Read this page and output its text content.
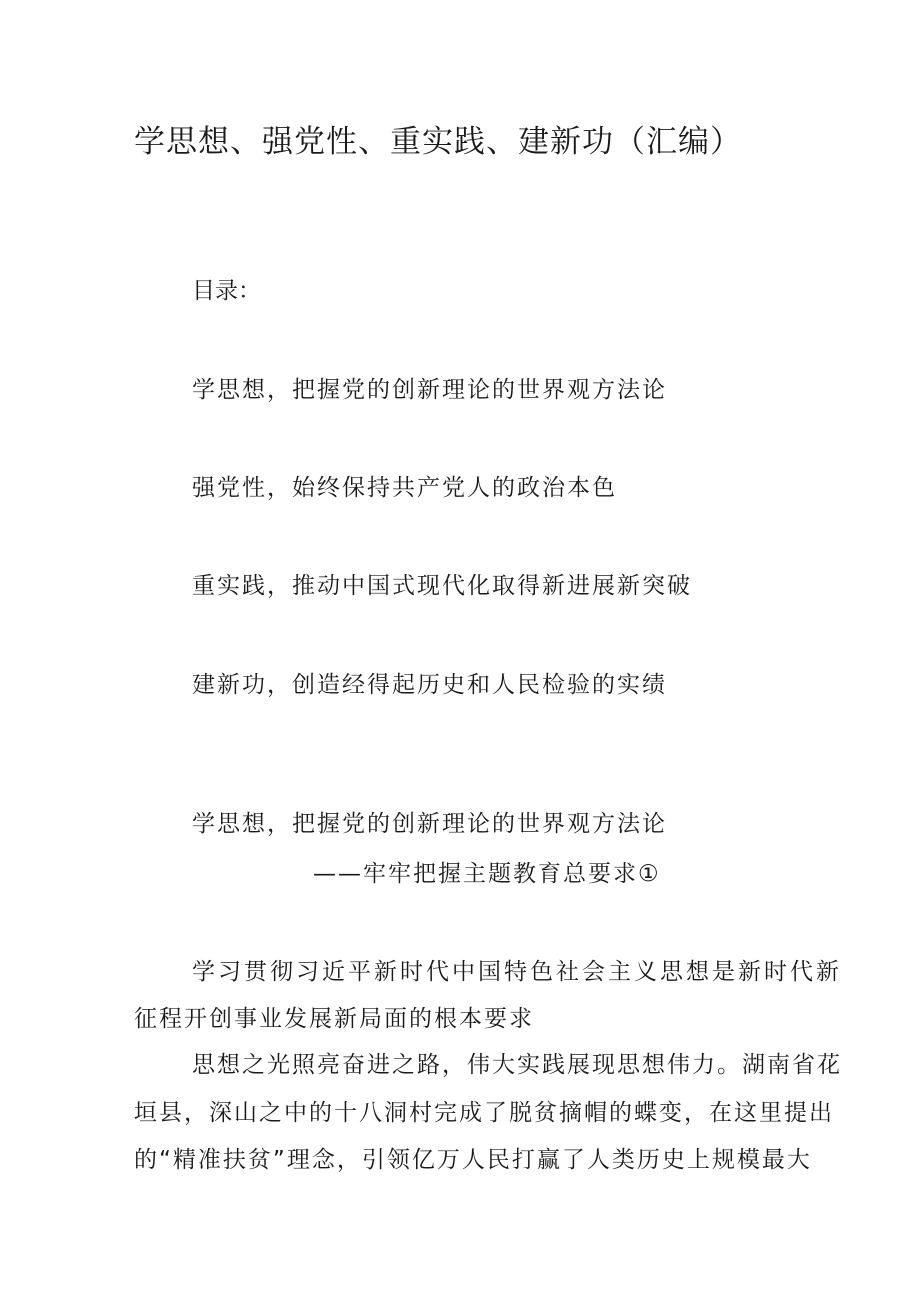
学思想、强党性、重实践、建新功（汇编）
目录：
学思想，把握党的创新理论的世界观方法论
强党性，始终保持共产党人的政治本色
重实践，推动中国式现代化取得新进展新突破
建新功，创造经得起历史和人民检验的实绩
学思想，把握党的创新理论的世界观方法论
——牢牢把握主题教育总要求①
学习贯彻习近平新时代中国特色社会主义思想是新时代新
征程开创事业发展新局面的根本要求
思想之光照亮奋进之路，伟大实践展现思想伟力。湖南省花
垣县，深山之中的十八洞村完成了脱贫摘帽的蝶变，在这里提出
的“精准扶贫”理念，引领亿万人民打赢了人类历史上规模最大
